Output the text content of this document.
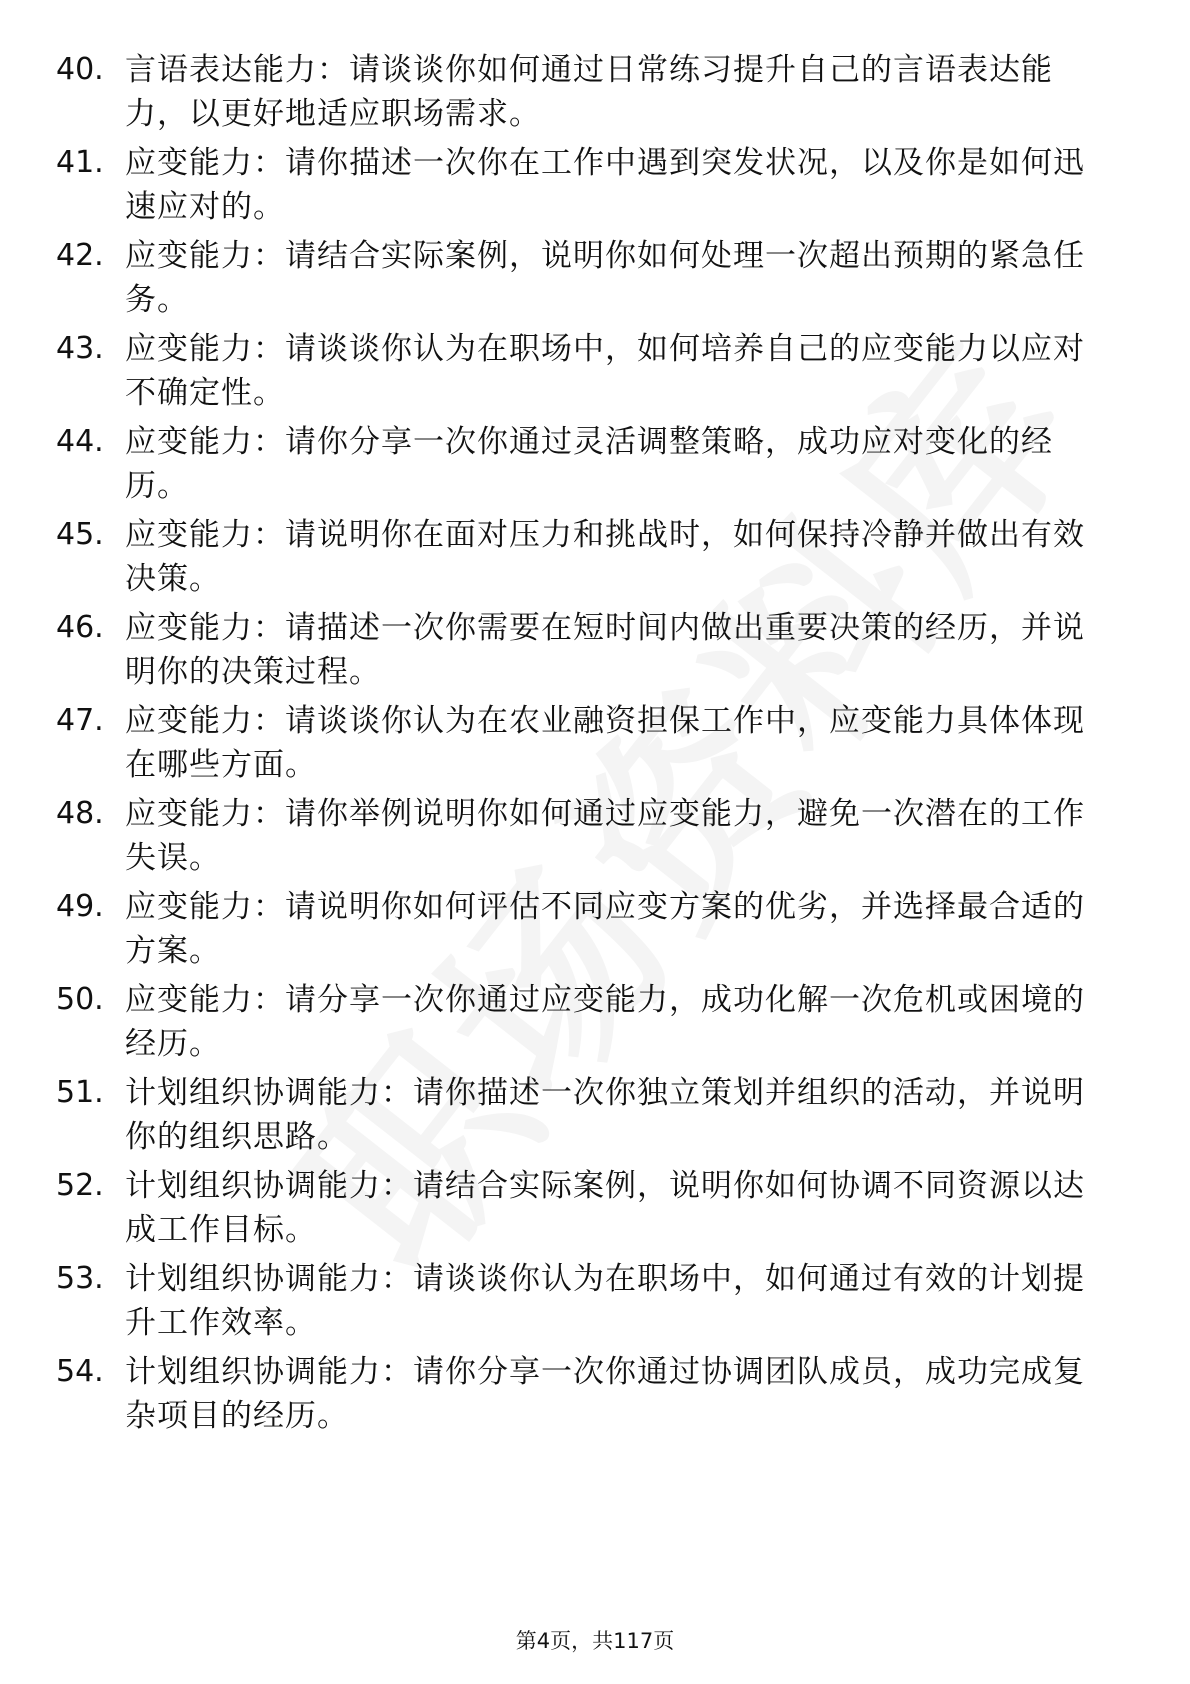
40. 言语表达能力：请谈谈你如何通过日常练习提升自己的言语表达能力，以更好地适应职场需求。
41. 应变能力：请你描述一次你在工作中遇到突发状况，以及你是如何迅速应对的。
42. 应变能力：请结合实际案例，说明你如何处理一次超出预期的紧急任务。
43. 应变能力：请谈谈你认为在职场中，如何培养自己的应变能力以应对不确定性。
44. 应变能力：请你分享一次你通过灵活调整策略，成功应对变化的经历。
45. 应变能力：请说明你在面对压力和挑战时，如何保持冷静并做出有效决策。
46. 应变能力：请描述一次你需要在短时间内做出重要决策的经历，并说明你的决策过程。
47. 应变能力：请谈谈你认为在农业融资担保工作中，应变能力具体体现在哪些方面。
48. 应变能力：请你举例说明你如何通过应变能力，避免一次潜在的工作失误。
49. 应变能力：请说明你如何评估不同应变方案的优劣，并选择最合适的方案。
50. 应变能力：请分享一次你通过应变能力，成功化解一次危机或困境的经历。
51. 计划组织协调能力：请你描述一次你独立策划并组织的活动，并说明你的组织思路。
52. 计划组织协调能力：请结合实际案例，说明你如何协调不同资源以达成工作目标。
53. 计划组织协调能力：请谈谈你认为在职场中，如何通过有效的计划提升工作效率。
54. 计划组织协调能力：请你分享一次你通过协调团队成员，成功完成复杂项目的经历。
第4页，共117页
